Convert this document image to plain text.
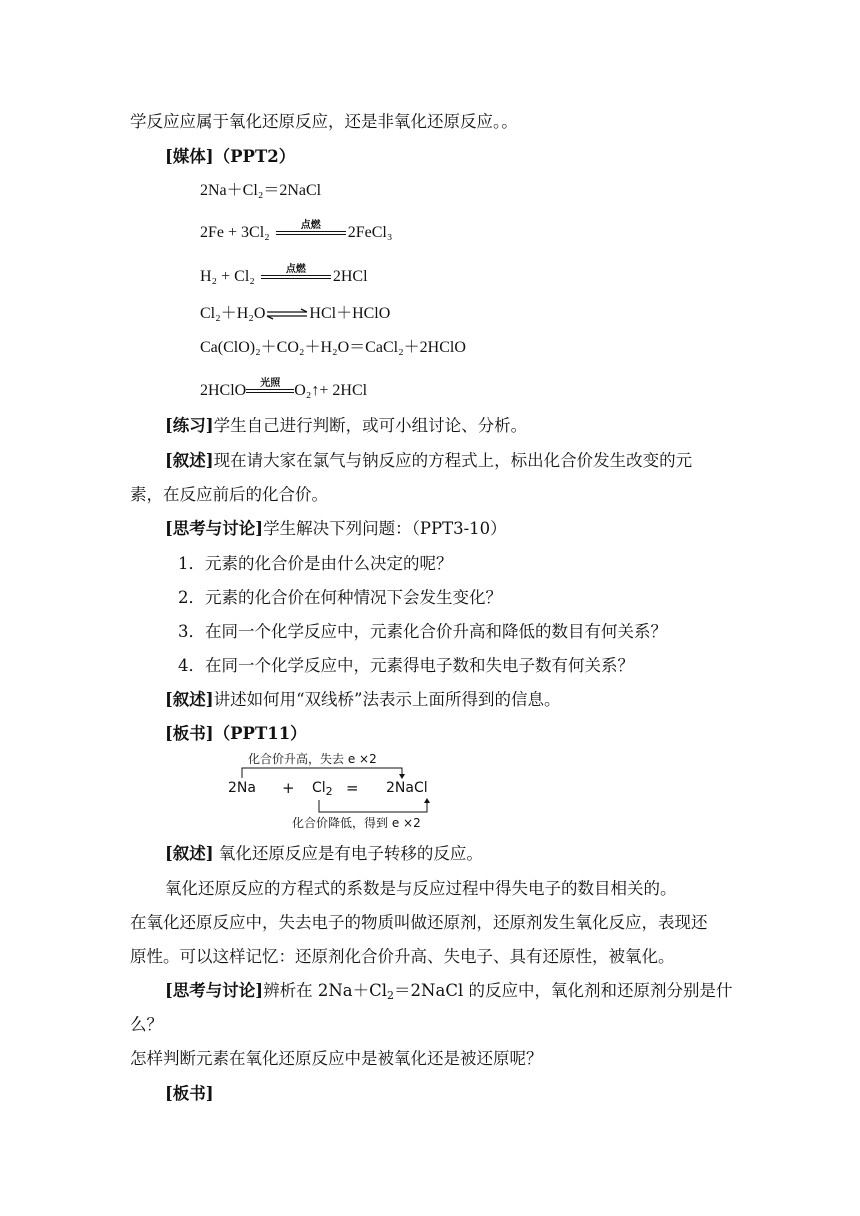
学反应应属于氧化还原反应，还是非氧化还原反应。。
[媒体]（PPT2）
2Na＋Cl₂＝2NaCl
2Fe + 3Cl₂	点燃	2FeCl₃
H₂ + Cl₂	点燃	2HCl
Cl₂＋H₂O⇌HCl＋HClO
Ca(ClO)₂＋CO₂＋H₂O＝CaCl₂＋2HClO
2HClO	光照 O₂↑+ 2HCl
[练习]学生自己进行判断，或可小组讨论、分析。
[叙述]现在请大家在氯气与钠反应的方程式上，标出化合价发生改变的元
素，在反应前后的化合价。
[思考与讨论]学生解决下列问题：（PPT3-10）
1．元素的化合价是由什么决定的呢？
2．元素的化合价在何种情况下会发生变化？
3．在同一个化学反应中，元素化合价升高和降低的数目有何关系？
4．在同一个化学反应中，元素得电子数和失电子数有何关系？
[叙述]讲述如何用“双线桥”法表示上面所得到的信息。
[板书]（PPT11）
化合价升高，失去 e ×2
$2Na + Cl_2$ = 2NaCl
化合价降低，得到 e ×2
[叙述] 氧化还原反应是有电子转移的反应。
氧化还原反应的方程式的系数是与反应过程中得失电子的数目相关的。
在氧化还原反应中，失去电子的物质叫做还原剂，还原剂发生氧化反应，表现还
原性。可以这样记忆：还原剂化合价升高、失电子、具有还原性，被氧化。
[思考与讨论]辨析在 $2Na+Cl_2=2NaCl$ 的反应中，氧化剂和还原剂分别是什
么？
怎样判断元素在氧化还原反应中是被氧化还是被还原呢？
[板书]
